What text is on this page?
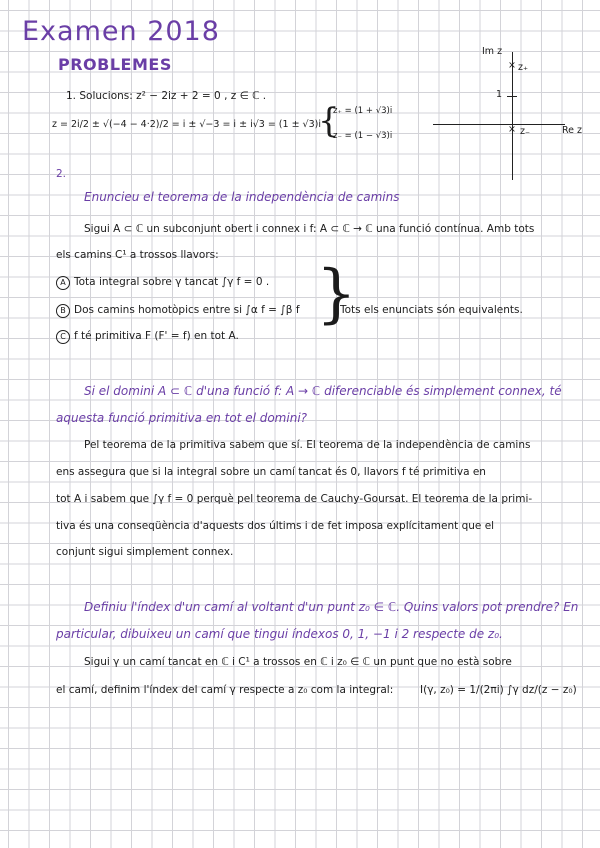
Examen 2018
PROBLEMES
1. Solucions: z² − 2iz + 2 = 0 , z ∈ ℂ .
z = 2i/2 ± √(−4 − 4·2)/2 = i ± √−3 = i ± i√3 = (1 ± √3)i
{
z₊ = (1 + √3)i
z₋ = (1 − √3)i
Im z
Re z
1
× z₊
× z₋
2.
Enuncieu el teorema de la independència de camins
Sigui A ⊂ ℂ un subconjunt obert i connex i f: A ⊂ ℂ → ℂ una funció contínua. Amb tots
els camins C¹ a trossos llavors:
A Tota integral sobre γ tancat ∫γ f = 0 .
B Dos camins homotòpics entre si ∫α f = ∫β f
C f té primitiva F (F' = f) en tot A.
}
Tots els enunciats són equivalents.
Si el domini A ⊂ ℂ d'una funció f: A → ℂ diferenciable és simplement connex, té
aquesta funció primitiva en tot el domini?
Pel teorema de la primitiva sabem que sí. El teorema de la independència de camins
ens assegura que si la integral sobre un camí tancat és 0, llavors f té primitiva en
tot A i sabem que ∫γ f = 0 perquè pel teorema de Cauchy-Goursat. El teorema de la primi-
tiva és una conseqüència d'aquests dos últims i de fet imposa explícitament que el
conjunt sigui simplement connex.
Definiu l'índex d'un camí al voltant d'un punt z₀ ∈ ℂ. Quins valors pot prendre? En
particular, dibuixeu un camí que tingui índexos 0, 1, −1 i 2 respecte de z₀.
Sigui γ un camí tancat en ℂ i C¹ a trossos en ℂ i z₀ ∈ ℂ un punt que no està sobre
el camí, definim l'índex del camí γ respecte a z₀ com la integral:	I(γ, z₀) = 1/(2πi) ∫γ dz/(z − z₀)
